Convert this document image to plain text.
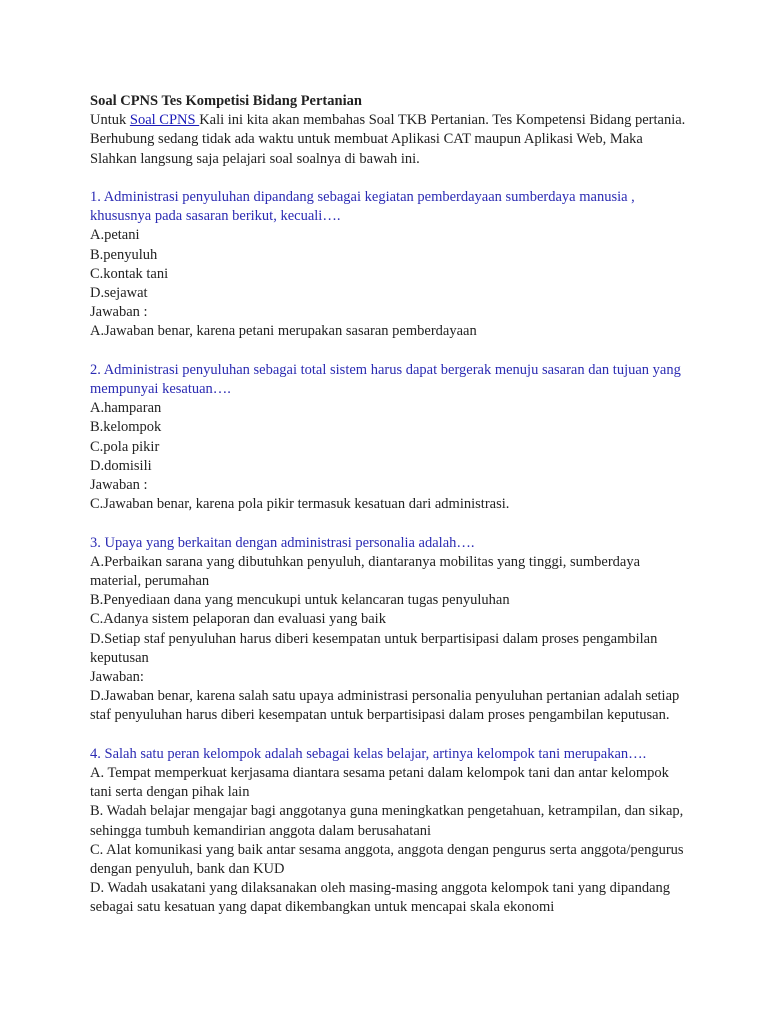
Soal CPNS Tes Kompetisi Bidang Pertanian

Untuk Soal CPNS Kali ini kita akan membahas Soal TKB Pertanian. Tes Kompetensi Bidang pertania. Berhubung sedang tidak ada waktu untuk membuat Aplikasi CAT maupun Aplikasi Web, Maka Slahkan langsung saja pelajari soal soalnya di bawah ini.

1. Administrasi penyuluhan dipandang sebagai kegiatan pemberdayaan sumberdaya manusia , khususnya pada sasaran berikut, kecuali….

A.petani

B.penyuluh

C.kontak tani

D.sejawat

Jawaban :

A.Jawaban benar, karena petani merupakan sasaran pemberdayaan

2. Administrasi penyuluhan sebagai total sistem harus dapat bergerak menuju sasaran dan tujuan yang mempunyai kesatuan….

A.hamparan

B.kelompok

C.pola pikir

D.domisili

Jawaban :

C.Jawaban benar, karena pola pikir termasuk kesatuan dari administrasi.

3. Upaya yang berkaitan dengan administrasi personalia adalah….

A.Perbaikan sarana yang dibutuhkan penyuluh, diantaranya mobilitas yang tinggi, sumberdaya material, perumahan

B.Penyediaan dana yang mencukupi untuk kelancaran tugas penyuluhan

C.Adanya sistem pelaporan dan evaluasi yang baik

D.Setiap staf penyuluhan harus diberi kesempatan untuk berpartisipasi dalam proses pengambilan keputusan

Jawaban:

D.Jawaban benar, karena salah satu upaya administrasi personalia penyuluhan pertanian adalah setiap staf penyuluhan harus diberi kesempatan untuk berpartisipasi dalam proses pengambilan keputusan.

4. Salah satu peran kelompok adalah sebagai kelas belajar, artinya kelompok tani merupakan….

A. Tempat memperkuat kerjasama diantara sesama petani dalam kelompok tani dan antar kelompok tani serta dengan pihak lain

B. Wadah belajar mengajar bagi anggotanya guna meningkatkan pengetahuan, ketrampilan, dan sikap, sehingga tumbuh kemandirian anggota dalam berusahatani

C. Alat komunikasi yang baik antar sesama anggota, anggota dengan pengurus serta anggota/pengurus dengan penyuluh, bank dan KUD

D. Wadah usakatani yang dilaksanakan oleh masing-masing anggota kelompok tani yang dipandang sebagai satu kesatuan yang dapat dikembangkan untuk mencapai skala ekonomi
